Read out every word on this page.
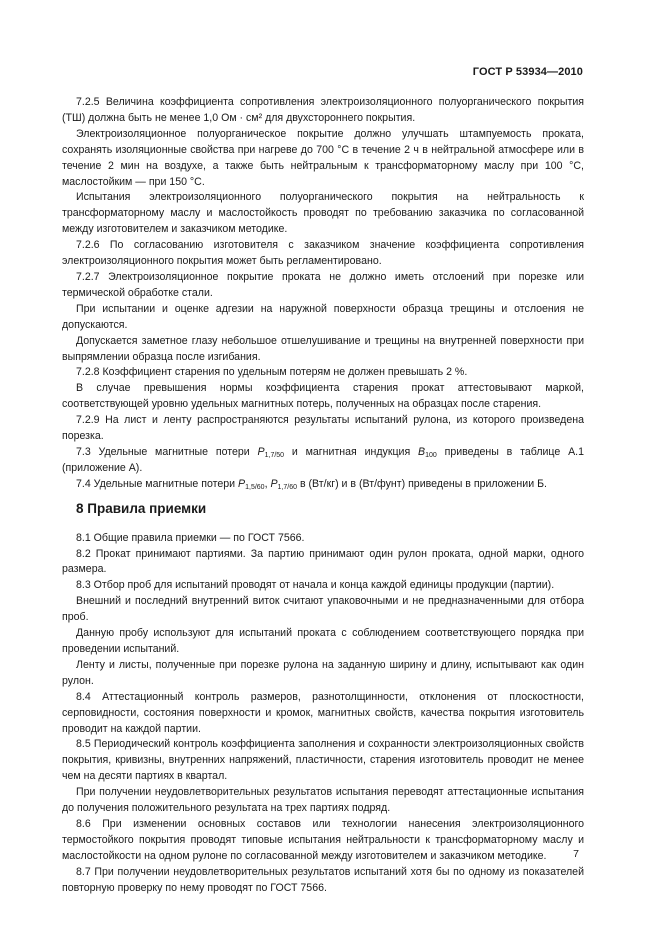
ГОСТ Р 53934—2010

7.2.5 Величина коэффициента сопротивления электроизоляционного полуорганического покрытия (ТШ) должна быть не менее 1,0 Ом · см² для двухстороннего покрытия.

Электроизоляционное полуорганическое покрытие должно улучшать штампуемость проката, сохранять изоляционные свойства при нагреве до 700 °С в течение 2 ч в нейтральной атмосфере или в течение 2 мин на воздухе, а также быть нейтральным к трансформаторному маслу при 100 °С, маслостойким — при 150 °С.

Испытания электроизоляционного полуорганического покрытия на нейтральность к трансформаторному маслу и маслостойкость проводят по требованию заказчика по согласованной между изготовителем и заказчиком методике.

7.2.6 По согласованию изготовителя с заказчиком значение коэффициента сопротивления электроизоляционного покрытия может быть регламентировано.

7.2.7 Электроизоляционное покрытие проката не должно иметь отслоений при порезке или термической обработке стали.

При испытании и оценке адгезии на наружной поверхности образца трещины и отслоения не допускаются.

Допускается заметное глазу небольшое отшелушивание и трещины на внутренней поверхности при выпрямлении образца после изгибания.

7.2.8 Коэффициент старения по удельным потерям не должен превышать 2 %.

В случае превышения нормы коэффициента старения прокат аттестовывают маркой, соответствующей уровню удельных магнитных потерь, полученных на образцах после старения.

7.2.9 На лист и ленту распространяются результаты испытаний рулона, из которого произведена порезка.

7.3 Удельные магнитные потери $P_{1,7/50}$ и магнитная индукция $B_{100}$ приведены в таблице А.1 (приложение А).

7.4 Удельные магнитные потери $P_{1,5/60}$, $P_{1,7/60}$ в (Вт/кг) и в (Вт/фунт) приведены в приложении Б.

8 Правила приемки

8.1 Общие правила приемки — по ГОСТ 7566.

8.2 Прокат принимают партиями. За партию принимают один рулон проката, одной марки, одного размера.

8.3 Отбор проб для испытаний проводят от начала и конца каждой единицы продукции (партии).

Внешний и последний внутренний виток считают упаковочными и не предназначенными для отбора проб.

Данную пробу используют для испытаний проката с соблюдением соответствующего порядка при проведении испытаний.

Ленту и листы, полученные при порезке рулона на заданную ширину и длину, испытывают как один рулон.

8.4 Аттестационный контроль размеров, разнотолщинности, отклонения от плоскостности, серповидности, состояния поверхности и кромок, магнитных свойств, качества покрытия изготовитель проводит на каждой партии.

8.5 Периодический контроль коэффициента заполнения и сохранности электроизоляционных свойств покрытия, кривизны, внутренних напряжений, пластичности, старения изготовитель проводит не менее чем на десяти партиях в квартал.

При получении неудовлетворительных результатов испытания переводят аттестационные испытания до получения положительного результата на трех партиях подряд.

8.6 При изменении основных составов или технологии нанесения электроизоляционного термостойкого покрытия проводят типовые испытания нейтральности к трансформаторному маслу и маслостойкости на одном рулоне по согласованной между изготовителем и заказчиком методике.

8.7 При получении неудовлетворительных результатов испытаний хотя бы по одному из показателей повторную проверку по нему проводят по ГОСТ 7566.

7
